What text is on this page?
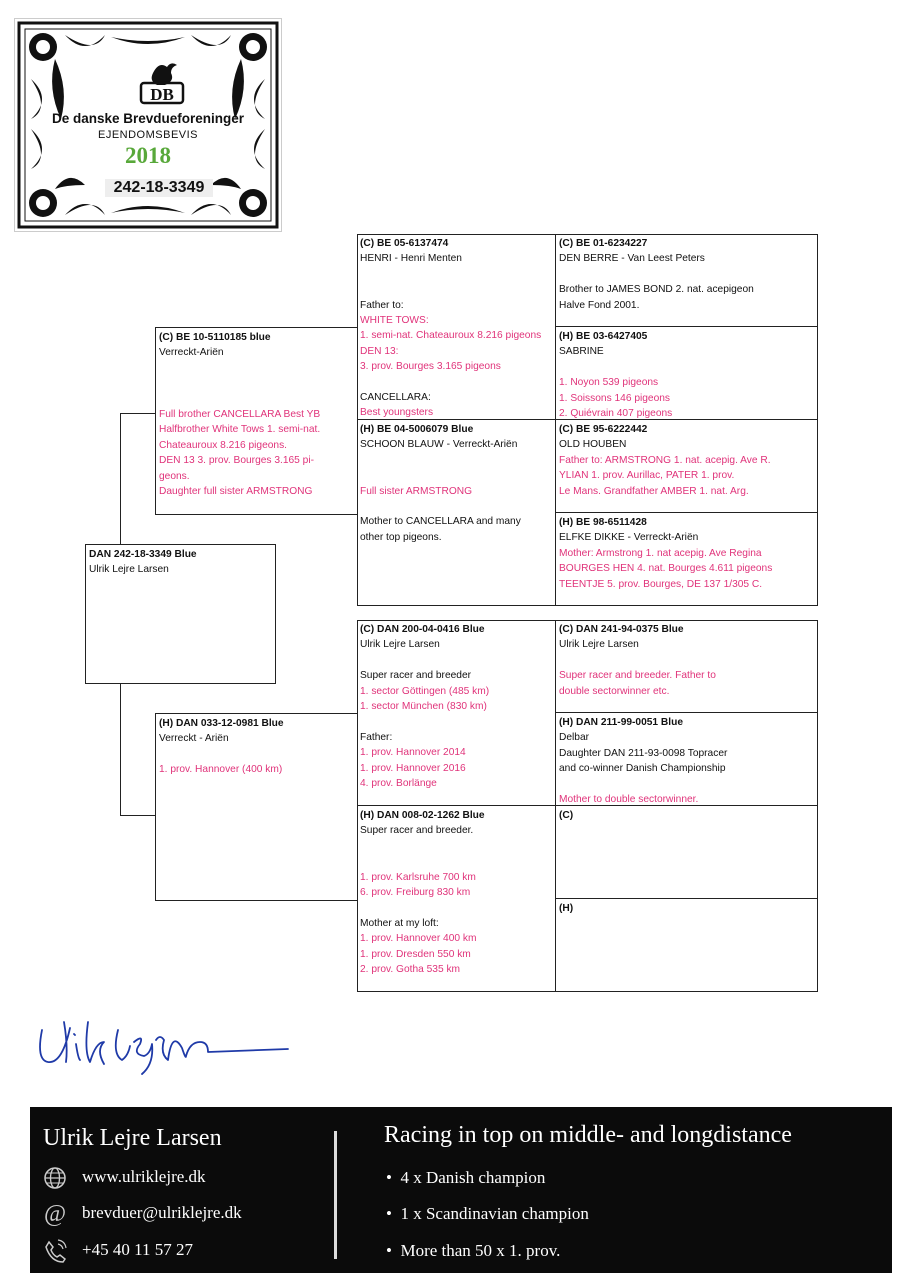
DB
De danske Brevdueforeninger
EJENDOMSBEVIS
2018
242-18-3349
DAN 242-18-3349 Blue
Ulrik Lejre Larsen
(C) BE 10-5110185 blue
Verreckt-Ariën
Full brother CANCELLARA Best YB
Halfbrother White Tows 1. semi-nat.
Chateauroux 8.216 pigeons.
DEN 13 3. prov. Bourges 3.165 pi-
geons.
Daughter full sister ARMSTRONG
(H) DAN 033-12-0981 Blue
Verreckt - Ariën
1. prov. Hannover (400 km)
(C) BE 05-6137474
HENRI - Henri Menten
Father to:
WHITE TOWS:
1. semi-nat. Chateauroux 8.216 pigeons
DEN 13:
3. prov. Bourges 3.165 pigeons
CANCELLARA:
Best youngsters
(H) BE 04-5006079 Blue
SCHOON BLAUW - Verreckt-Ariën
Full sister ARMSTRONG
Mother to CANCELLARA and many
other top pigeons.
(C) BE 01-6234227
DEN BERRE - Van Leest Peters
Brother to JAMES BOND 2. nat. acepigeon
Halve Fond 2001.
(H) BE 03-6427405
SABRINE
1. Noyon 539 pigeons
1. Soissons 146 pigeons
2. Quiévrain 407 pigeons
(C) BE 95-6222442
OLD HOUBEN
Father to: ARMSTRONG 1. nat. acepig. Ave R.
YLIAN 1. prov. Aurillac, PATER 1. prov.
Le Mans. Grandfather AMBER 1. nat. Arg.
(H) BE 98-6511428
ELFKE DIKKE - Verreckt-Ariën
Mother: Armstrong 1. nat acepig. Ave Regina
BOURGES HEN 4. nat. Bourges 4.611 pigeons
TEENTJE 5. prov. Bourges, DE 137 1/305 C.
(C) DAN 200-04-0416 Blue
Ulrik Lejre Larsen
Super racer and breeder
1. sector Göttingen (485 km)
1. sector München (830 km)
Father:
1. prov. Hannover 2014
1. prov. Hannover 2016
4. prov. Borlänge
(H) DAN 008-02-1262 Blue
Super racer and breeder.
1. prov. Karlsruhe 700 km
6. prov. Freiburg 830 km
Mother at my loft:
1. prov. Hannover 400 km
1. prov. Dresden 550 km
2. prov. Gotha 535 km
(C) DAN 241-94-0375 Blue
Ulrik Lejre Larsen
Super racer and breeder. Father to
double sectorwinner etc.
(H) DAN 211-99-0051 Blue
Delbar
Daughter DAN 211-93-0098 Topracer
and co-winner Danish Championship
Mother to double sectorwinner.
(C)
(H)
Ulrik Lejre Larsen
www.ulriklejre.dk
@ brevduer@ulriklejre.dk
+45 40 11 57 27
Racing in top on middle- and longdistance
•  4 x Danish champion
•  1 x Scandinavian champion
•  More than 50 x 1. prov.
